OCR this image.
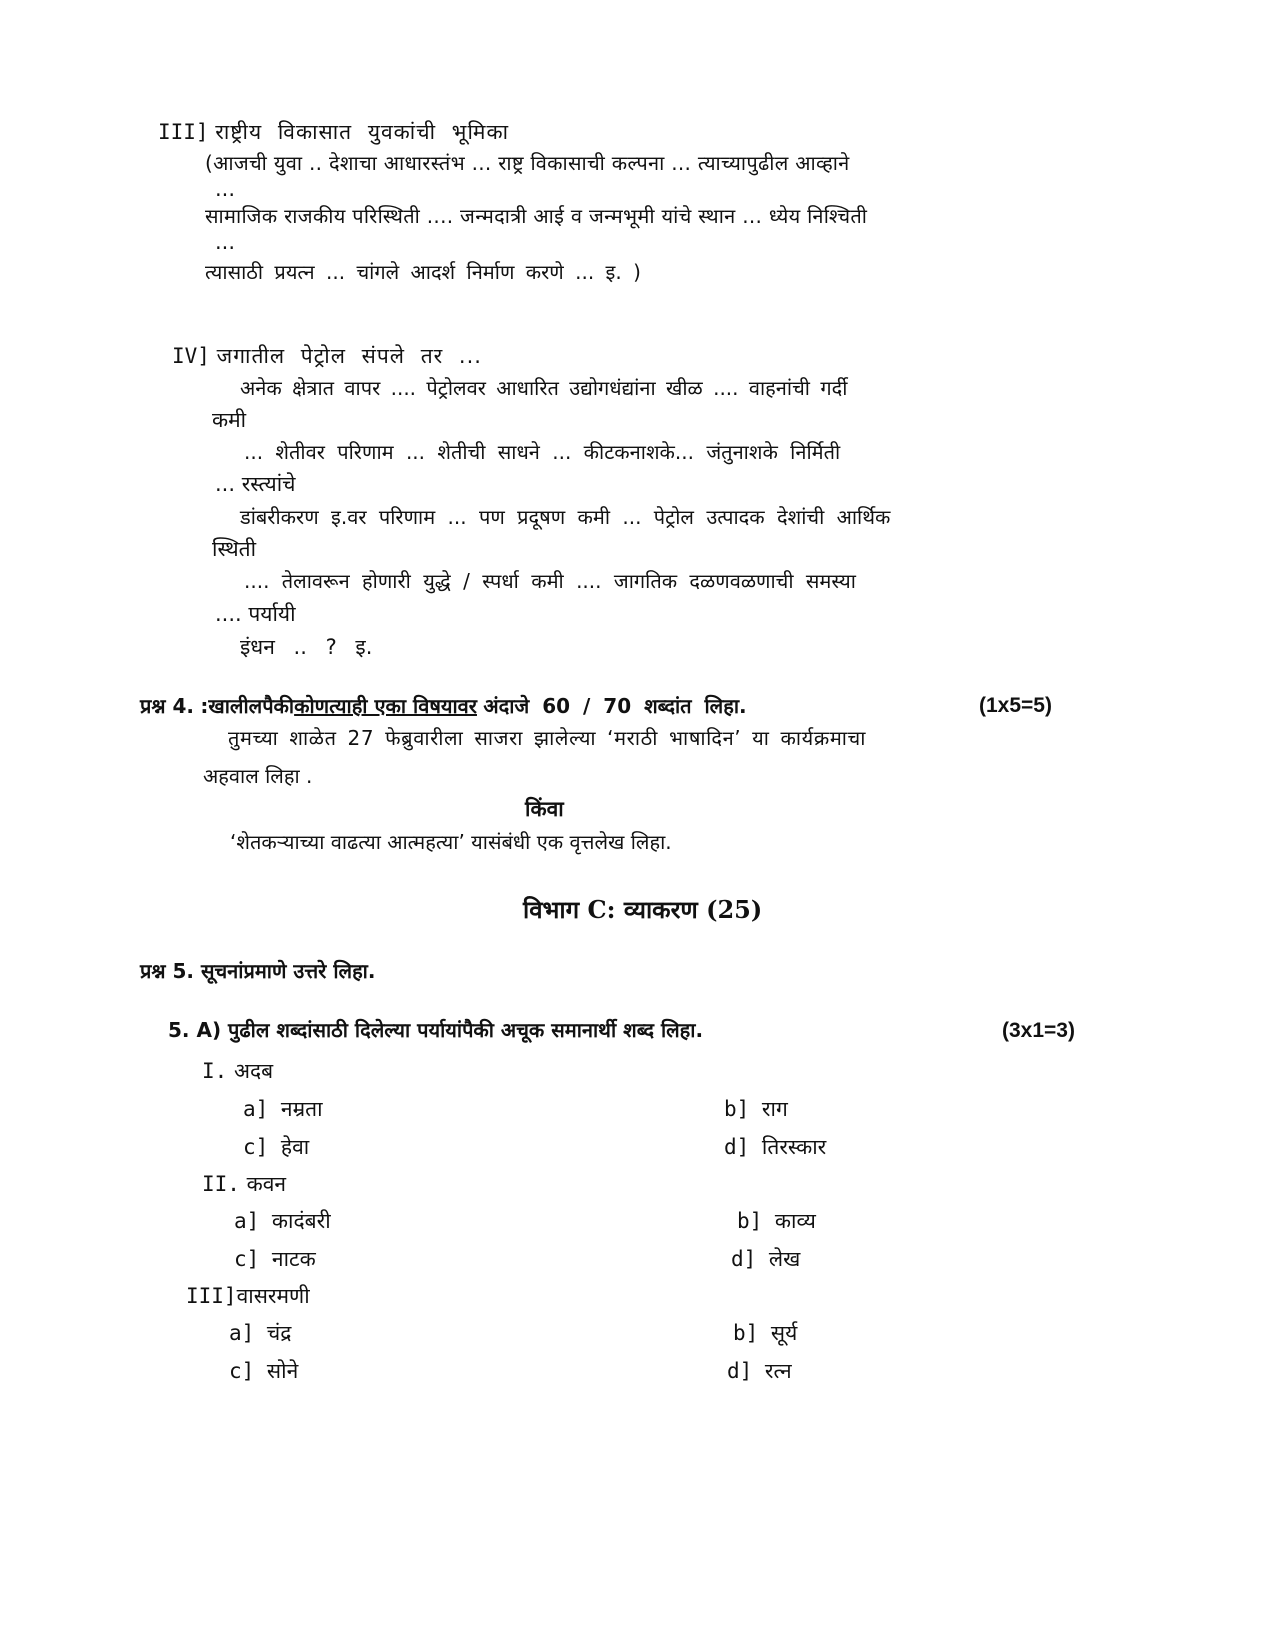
III] राष्ट्रीय विकासात युवकांची भूमिका
(आजची युवा .. देशाचा आधारस्तंभ ... राष्ट्र विकासाची कल्पना ... त्याच्यापुढील आव्हाने
...
सामाजिक राजकीय परिस्थिती .... जन्मदात्री आई व जन्मभूमी यांचे स्थान ... ध्येय निश्चिती
...
त्यासाठी प्रयत्न ... चांगले आदर्श निर्माण करणे ... इ. )
IV] जगातील पेट्रोल संपले तर ...
अनेक क्षेत्रात वापर .... पेट्रोलवर आधारित उद्योगधंद्यांना खीळ .... वाहनांची गर्दी
कमी
... शेतीवर परिणाम ... शेतीची साधने ... कीटकनाशके... जंतुनाशके निर्मिती
... रस्त्यांचे
डांबरीकरण इ.वर परिणाम ... पण प्रदूषण कमी ... पेट्रोल उत्पादक देशांची आर्थिक
स्थिती
.... तेलावरून होणारी युद्धे / स्पर्धा कमी .... जागतिक दळणवळणाची समस्या
.... पर्यायी
इंधन .. ? इ.
प्रश्न 4. :खालीलपैकीकोणत्याही एका विषयावर अंदाजे 60 / 70 शब्दांत लिहा.	(1x5=5)
तुमच्या शाळेत 27 फेब्रुवारीला साजरा झालेल्या ‘मराठी भाषादिन’ या कार्यक्रमाचा
अहवाल लिहा .
किंवा
‘शेतकऱ्याच्या वाढत्या आत्महत्या’ यासंबंधी एक वृत्तलेख लिहा.
विभाग C: व्याकरण (25)
प्रश्न 5. सूचनांप्रमाणे उत्तरे लिहा.
5. A) पुढील शब्दांसाठी दिलेल्या पर्यायांपैकी अचूक समानार्थी शब्द लिहा.	(3x1=3)
I. अदब
a] नम्रता	b] राग
c] हेवा	d] तिरस्कार
II. कवन
a] कादंबरी	b] काव्य
c] नाटक	d] लेख
III]वासरमणी
a] चंद्र	b] सूर्य
c] सोने	d] रत्न
